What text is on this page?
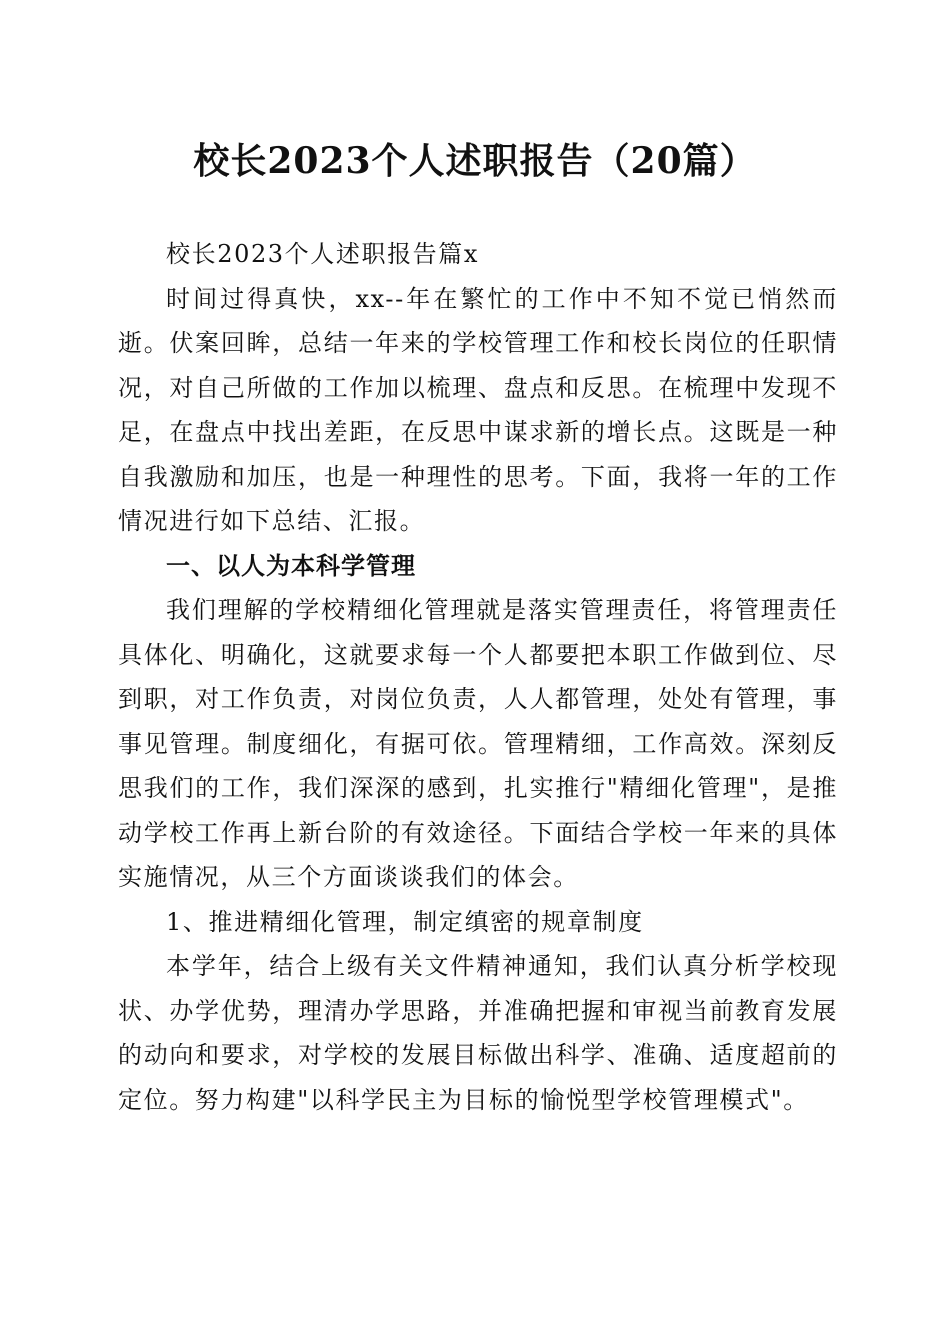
校长2023个人述职报告（20篇）

校长2023个人述职报告篇x

时间过得真快，xx--年在繁忙的工作中不知不觉已悄然而逝。伏案回眸，总结一年来的学校管理工作和校长岗位的任职情况，对自己所做的工作加以梳理、盘点和反思。在梳理中发现不足，在盘点中找出差距，在反思中谋求新的增长点。这既是一种自我激励和加压，也是一种理性的思考。下面，我将一年的工作情况进行如下总结、汇报。

一、以人为本科学管理

我们理解的学校精细化管理就是落实管理责任，将管理责任具体化、明确化，这就要求每一个人都要把本职工作做到位、尽到职，对工作负责，对岗位负责，人人都管理，处处有管理，事事见管理。制度细化，有据可依。管理精细，工作高效。深刻反思我们的工作，我们深深的感到，扎实推行"精细化管理"，是推动学校工作再上新台阶的有效途径。下面结合学校一年来的具体实施情况，从三个方面谈谈我们的体会。

1、推进精细化管理，制定缜密的规章制度

本学年，结合上级有关文件精神通知，我们认真分析学校现状、办学优势，理清办学思路，并准确把握和审视当前教育发展的动向和要求，对学校的发展目标做出科学、准确、适度超前的定位。努力构建"以科学民主为目标的愉悦型学校管理模式"。
